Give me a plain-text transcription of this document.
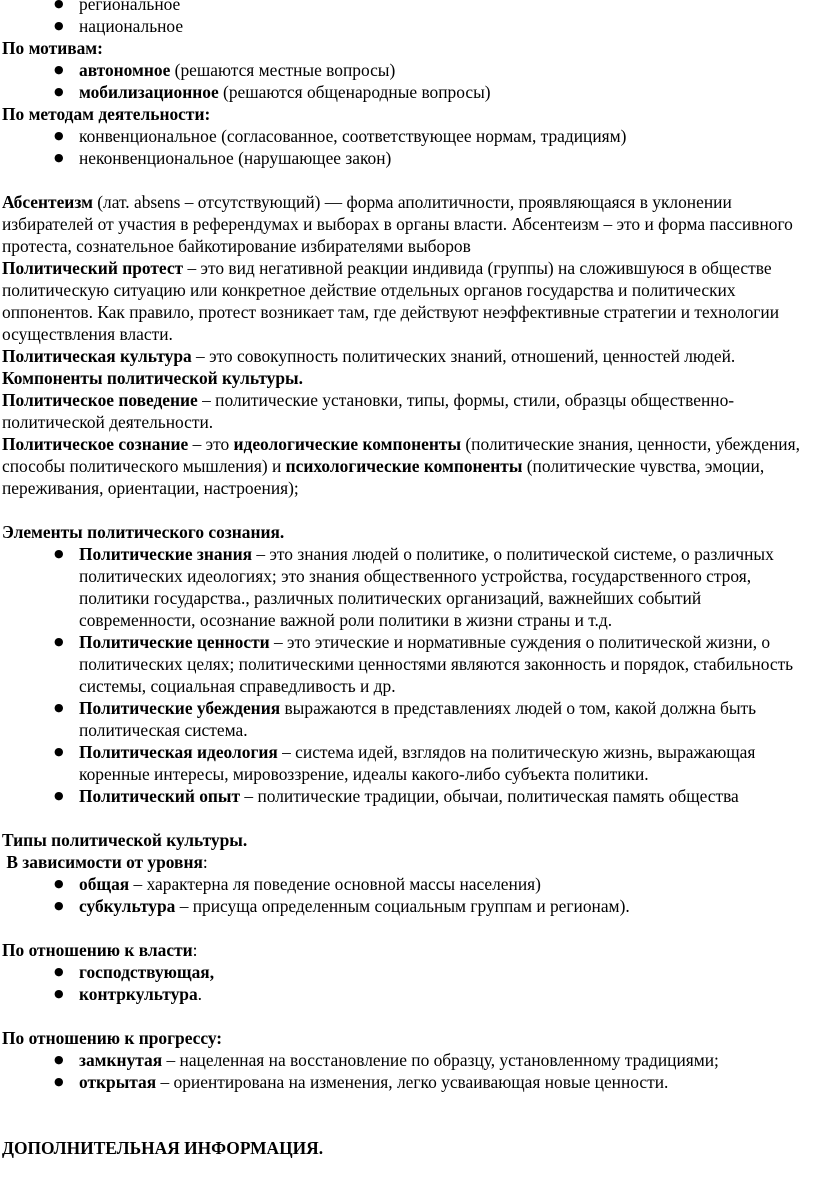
● региональное
● национальное

По мотивам:

● автономное (решаются местные вопросы)
● мобилизационное (решаются общенародные вопросы)

По методам деятельности:

● конвенциональное (согласованное, соответствующее нормам, традициям)
● неконвенциональное (нарушающее закон)

Абсентеизм (лат. absens – отсутствующий) — форма аполитичности, проявляющаяся в уклонении избирателей от участия в референдумах и выборах в органы власти. Абсентеизм – это и форма пассивного протеста, сознательное байкотирование избирателями выборов

Политический протест – это вид негативной реакции индивида (группы) на сложившуюся в обществе политическую ситуацию или конкретное действие отдельных органов государства и политических оппонентов. Как правило, протест возникает там, где действуют неэффективные стратегии и технологии осуществления власти.

Политическая культура – это совокупность политических знаний, отношений, ценностей людей.

Компоненты политической культуры.

Политическое поведение – политические установки, типы, формы, стили, образцы общественно-политической деятельности.

Политическое сознание – это идеологические компоненты (политические знания, ценности, убеждения, способы политического мышления) и психологические компоненты (политические чувства, эмоции, переживания, ориентации, настроения);

Элементы политического сознания.

● Политические знания – это знания людей о политике, о политической системе, о различных политических идеологиях; это знания общественного устройства, государственного строя, политики государства., различных политических организаций, важнейших событий современности, осознание важной роли политики в жизни страны и т.д.
● Политические ценности – это этические и нормативные суждения о политической жизни, о политических целях; политическими ценностями являются законность и порядок, стабильность системы, социальная справедливость и др.
● Политические убеждения выражаются в представлениях людей о том, какой должна быть политическая система.
● Политическая идеология – система идей, взглядов на политическую жизнь, выражающая коренные интересы, мировоззрение, идеалы какого-либо субъекта политики.
● Политический опыт – политические традиции, обычаи, политическая память общества

Типы политической культуры.

В зависимости от уровня:

● общая – характерна ля поведение основной массы населения)
● субкультура – присуща определенным социальным группам и регионам).

По отношению к власти:

● господствующая,
● контркультура.

По отношению к прогрессу:

● замкнутая – нацеленная на восстановление по образцу, установленному традициями;
● открытая – ориентирована на изменения, легко усваивающая новые ценности.

ДОПОЛНИТЕЛЬНАЯ ИНФОРМАЦИЯ.
